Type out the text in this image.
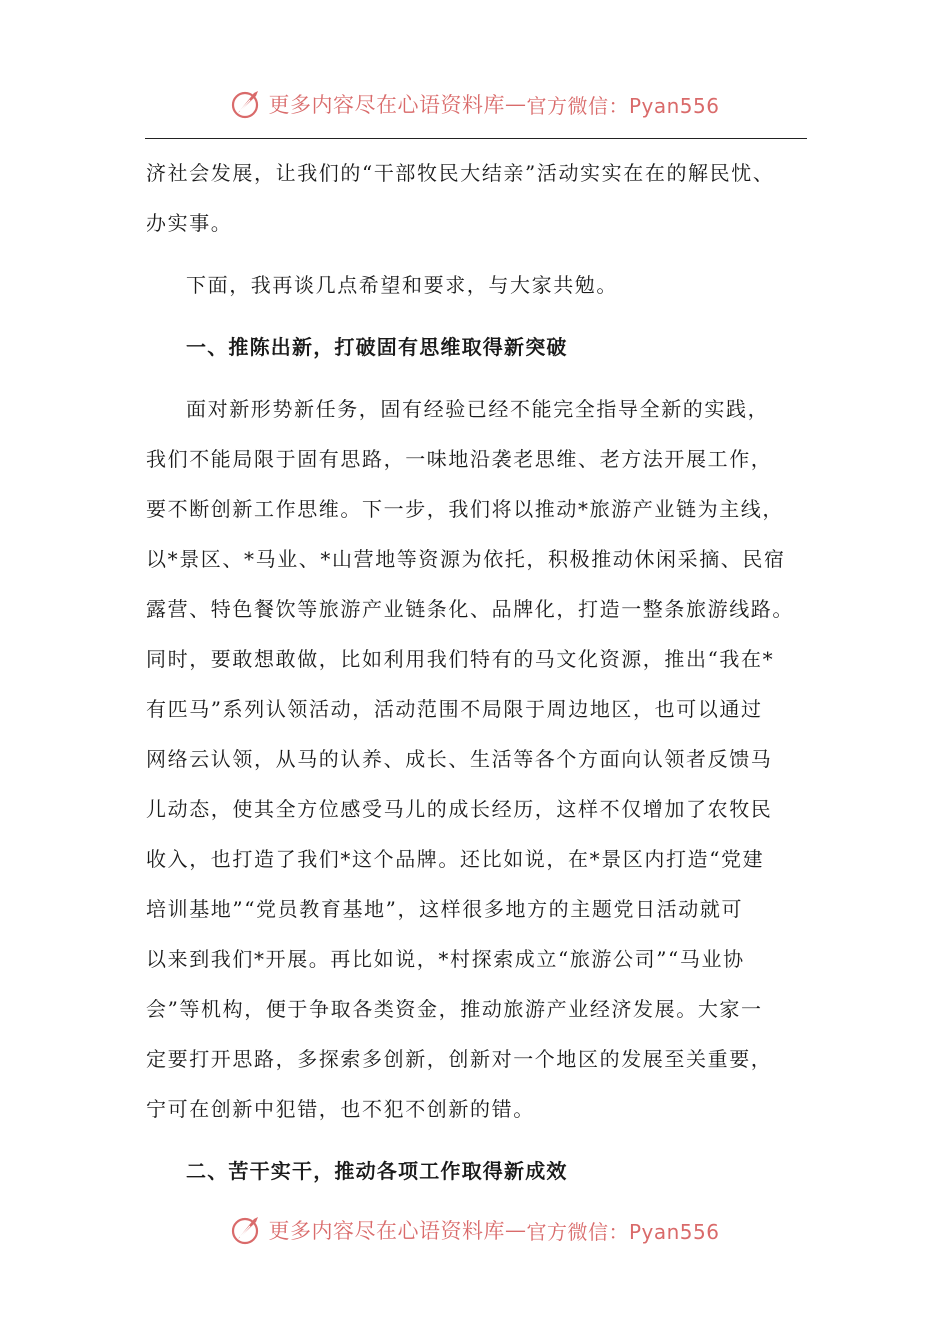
更多内容尽在心语资料库 — 官方微信：Pyan556
济社会发展，让我们的“干部牧民大结亲”活动实实在在的解民忧、
办实事。
下面，我再谈几点希望和要求，与大家共勉。
一、推陈出新，打破固有思维取得新突破
面对新形势新任务，固有经验已经不能完全指导全新的实践，
我们不能局限于固有思路，一味地沿袭老思维、老方法开展工作，
要不断创新工作思维。下一步，我们将以推动*旅游产业链为主线，
以*景区、*马业、*山营地等资源为依托，积极推动休闲采摘、民宿
露营、特色餐饮等旅游产业链条化、品牌化，打造一整条旅游线路。
同时，要敢想敢做，比如利用我们特有的马文化资源，推出“我在*
有匹马”系列认领活动，活动范围不局限于周边地区，也可以通过
网络云认领，从马的认养、成长、生活等各个方面向认领者反馈马
儿动态，使其全方位感受马儿的成长经历，这样不仅增加了农牧民
收入，也打造了我们*这个品牌。还比如说，在*景区内打造“党建
培训基地”“党员教育基地”，这样很多地方的主题党日活动就可
以来到我们*开展。再比如说，*村探索成立“旅游公司”“马业协
会”等机构，便于争取各类资金，推动旅游产业经济发展。大家一
定要打开思路，多探索多创新，创新对一个地区的发展至关重要，
宁可在创新中犯错，也不犯不创新的错。
二、苦干实干，推动各项工作取得新成效
更多内容尽在心语资料库 — 官方微信：Pyan556
